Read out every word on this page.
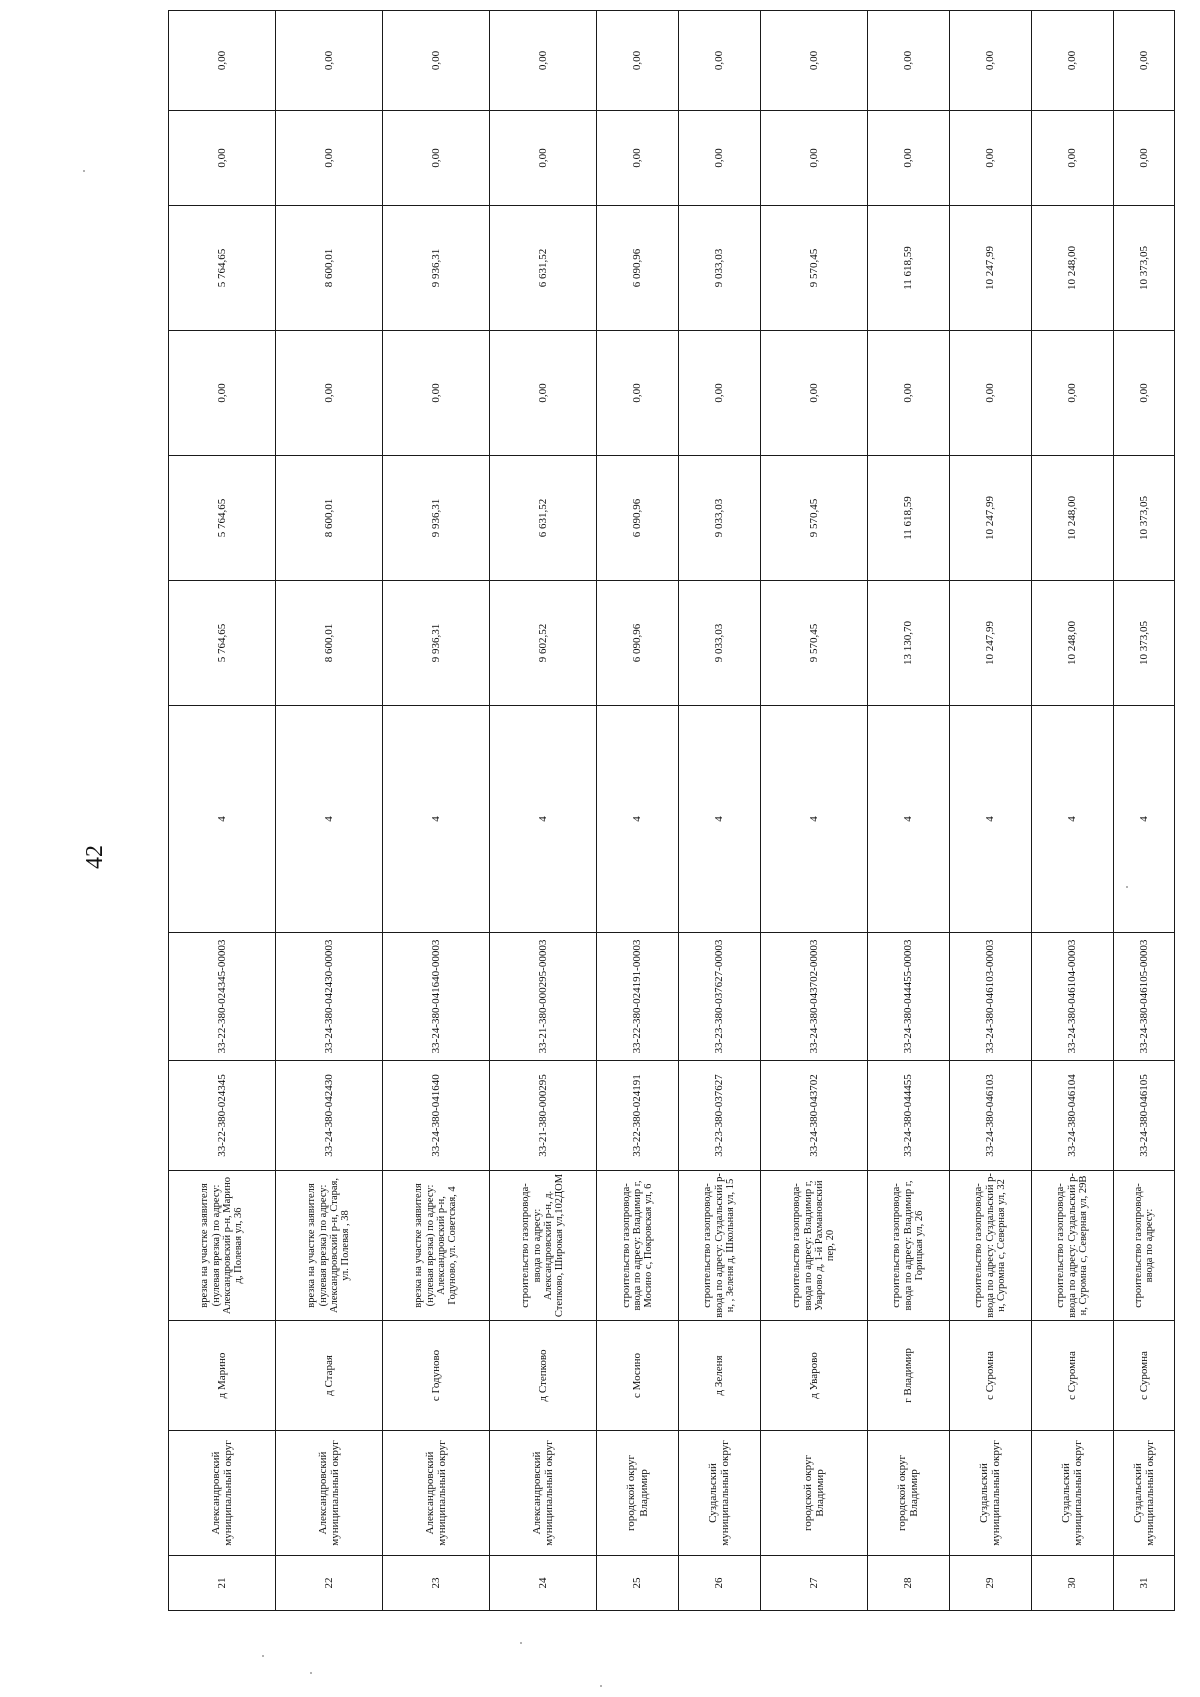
42
21	Александровский муниципальный округ	д Марино	врезка на участке заявителя (нулевая врезка) по адресу: Александровский р-н, Марино д, Полевая ул, 36	33-22-380-024345	33-22-380-024345-00003	4	5 764,65	5 764,65	0,00	5 764,65	0,00	0,00
22	Александровский муниципальный округ	д Старая	врезка на участке заявителя (нулевая врезка) по адресу: Александровский р-н, Старая, ул. Полевая , 38	33-24-380-042430	33-24-380-042430-00003	4	8 600,01	8 600,01	0,00	8 600,01	0,00	0,00
23	Александровский муниципальный округ	с Годуново	врезка на участке заявителя (нулевая врезка) по адресу: Александровский р-н, Годуново, ул. Советская, 4	33-24-380-041640	33-24-380-041640-00003	4	9 936,31	9 936,31	0,00	9 936,31	0,00	0,00
24	Александровский муниципальный округ	д Степково	строительство газопровода-ввода по адресу: Александровский р-н, д. Степково, Широкая ул,102ДОМ	33-21-380-000295	33-21-380-000295-00003	4	9 602,52	6 631,52	0,00	6 631,52	0,00	0,00
25	городской округ Владимир	с Мосино	строительство газопровода-ввода по адресу: Владимир г, Мосино с, Покровская ул, 6	33-22-380-024191	33-22-380-024191-00003	4	6 090,96	6 090,96	0,00	6 090,96	0,00	0,00
26	Суздальский муниципальный округ	д Зеленя	строительство газопровода-ввода по адресу: Суздальский р-н, , Зеленя д, Школьная ул, 15	33-23-380-037627	33-23-380-037627-00003	4	9 033,03	9 033,03	0,00	9 033,03	0,00	0,00
27	городской округ Владимир	д Уварово	строительство газопровода-ввода по адресу: Владимир г, Уварово д, 1-й Рахмановский пер, 20	33-24-380-043702	33-24-380-043702-00003	4	9 570,45	9 570,45	0,00	9 570,45	0,00	0,00
28	городской округ Владимир	г Владимир	строительство газопровода-ввода по адресу: Владимир г, Горицкая ул, 26	33-24-380-044455	33-24-380-044455-00003	4	13 130,70	11 618,59	0,00	11 618,59	0,00	0,00
29	Суздальский муниципальный округ	с Суромна	строительство газопровода-ввода по адресу: Суздальский р-н, Суромна с, Северная ул, 32	33-24-380-046103	33-24-380-046103-00003	4	10 247,99	10 247,99	0,00	10 247,99	0,00	0,00
30	Суздальский муниципальный округ	с Суромна	строительство газопровода-ввода по адресу: Суздальский р-н, Суромна с, Северная ул, 29В	33-24-380-046104	33-24-380-046104-00003	4	10 248,00	10 248,00	0,00	10 248,00	0,00	0,00
31	Суздальский муниципальный округ	с Суромна	строительство газопровода-ввода по адресу:	33-24-380-046105	33-24-380-046105-00003	4	10 373,05	10 373,05	0,00	10 373,05	0,00	0,00
